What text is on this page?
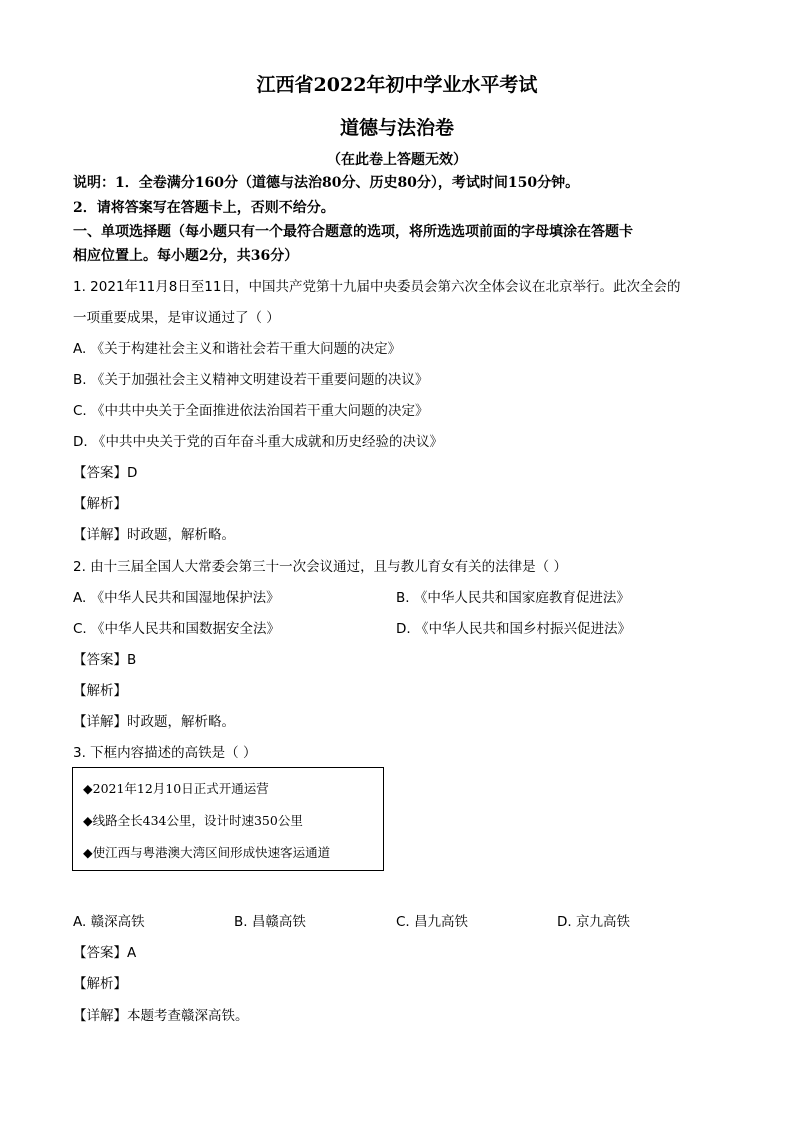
江西省2022年初中学业水平考试
道德与法治卷
（在此卷上答题无效）
说明：1．全卷满分160分（道德与法治80分、历史80分），考试时间150分钟。
2．请将答案写在答题卡上，否则不给分。
一、单项选择题（每小题只有一个最符合题意的选项，将所选选项前面的字母填涂在答题卡
相应位置上。每小题2分，共36分）
1. 2021年11月8日至11日，中国共产党第十九届中央委员会第六次全体会议在北京举行。此次全会的
一项重要成果，是审议通过了（ ）
A. 《关于构建社会主义和谐社会若干重大问题的决定》
B. 《关于加强社会主义精神文明建设若干重要问题的决议》
C. 《中共中央关于全面推进依法治国若干重大问题的决定》
D. 《中共中央关于党的百年奋斗重大成就和历史经验的决议》
【答案】D
【解析】
【详解】时政题，解析略。
2. 由十三届全国人大常委会第三十一次会议通过，且与教儿育女有关的法律是（ ）
A. 《中华人民共和国湿地保护法》	B. 《中华人民共和国家庭教育促进法》
C. 《中华人民共和国数据安全法》	D. 《中华人民共和国乡村振兴促进法》
【答案】B
【解析】
【详解】时政题，解析略。
3. 下框内容描述的高铁是（ ）
◆2021年12月10日正式开通运营
◆线路全长434公里，设计时速350公里
◆使江西与粤港澳大湾区间形成快速客运通道
A. 赣深高铁	B. 昌赣高铁	C. 昌九高铁	D. 京九高铁
【答案】A
【解析】
【详解】本题考查赣深高铁。
